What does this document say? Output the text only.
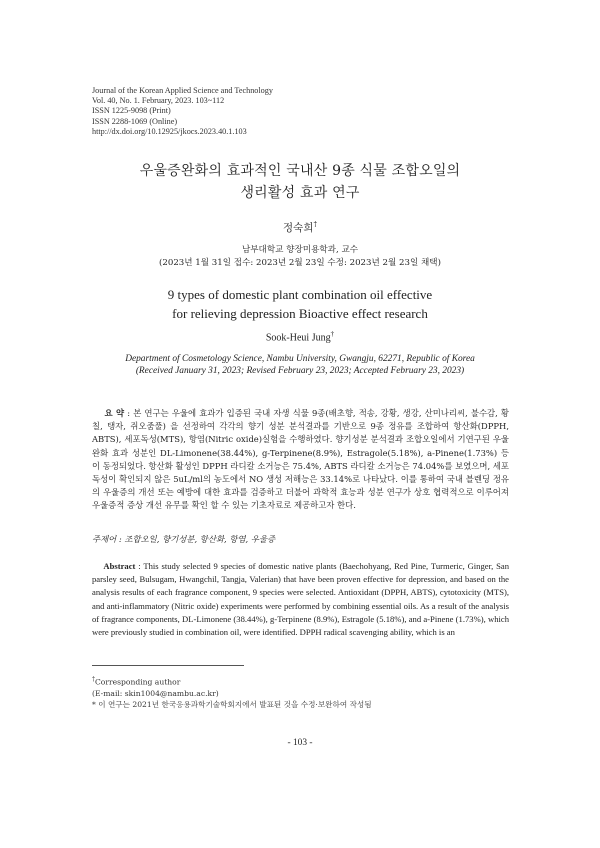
Journal of the Korean Applied Science and Technology
Vol. 40, No. 1. February, 2023. 103~112
ISSN 1225-9098 (Print)
ISSN 2288-1069 (Online)
http://dx.doi.org/10.12925/jkocs.2023.40.1.103
우울증완화의 효과적인 국내산 9종 식물 조합오일의
생리활성 효과 연구
정숙희†
남부대학교 향장미용학과, 교수
(2023년 1월 31일 접수: 2023년 2월 23일 수정: 2023년 2월 23일 채택)
9 types of domestic plant combination oil effective
for relieving depression Bioactive effect research
Sook-Heui Jung†
Department of Cosmetology Science, Nambu University, Gwangju, 62271, Republic of Korea
(Received January 31, 2023; Revised February 23, 2023; Accepted February 23, 2023)
요 약 : 본 연구는 우울에 효과가 입증된 국내 자생 식물 9종(배초향, 적송, 강황, 생강, 산미나리씨, 불수감, 황칠, 탱자, 쥐오줌풀) 을 선정하여 각각의 향기 성분 분석결과를 기반으로 9종 정유를 조합하여 항산화(DPPH, ABTS), 세포독성(MTS), 항염(Nitric oxide)실험을 수행하였다. 향기성분 분석결과 조합오일에서 기연구된 우울완화 효과 성분인 DL-Limonene(38.44%), g-Terpinene(8.9%), Estragole(5.18%), a-Pinene(1.73%) 등이 동정되었다. 항산화 활성인 DPPH 라디칼 소거능은 75.4%, ABTS 라디칼 소거능은 74.04%를 보였으며, 세포독성이 확인되지 않은 5uL/ml의 농도에서 NO 생성 저해능은 33.14%로 나타났다. 이를 통하여 국내 블렌딩 정유의 우울증의 개선 또는 예방에 대한 효과를 검증하고 더불어 과학적 효능과 성분 연구가 상호 협력적으로 이루어져 우울증적 증상 개선 유무를 확인 할 수 있는 기초자료로 제공하고자 한다.
주제어 : 조합오일, 향기성분, 항산화, 항염, 우울증
Abstract : This study selected 9 species of domestic native plants (Baechohyang, Red Pine, Turmeric, Ginger, San parsley seed, Bulsugam, Hwangchil, Tangja, Valerian) that have been proven effective for depression, and based on the analysis results of each fragrance component, 9 species were selected. Antioxidant (DPPH, ABTS), cytotoxicity (MTS), and anti-inflammatory (Nitric oxide) experiments were performed by combining essential oils. As a result of the analysis of fragrance components, DL-Limonene (38.44%), g-Terpinene (8.9%), Estragole (5.18%), and a-Pinene (1.73%), which were previously studied in combination oil, were identified. DPPH radical scavenging ability, which is an
†Corresponding author
(E-mail: skin1004@nambu.ac.kr)
* 이 연구는 2021년 한국응용과학기술학회지에서 발표된 것을 수정·보완하여 작성됨
- 103 -
